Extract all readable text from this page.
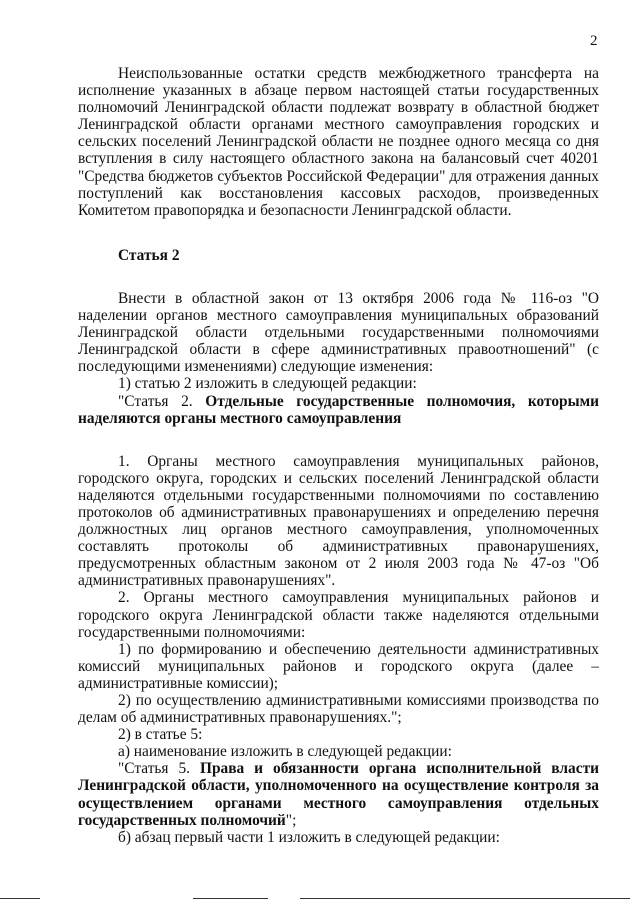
2

Неиспользованные остатки средств межбюджетного трансферта на исполнение указанных в абзаце первом настоящей статьи государственных полномочий Ленинградской области подлежат возврату в областной бюджет Ленинградской области органами местного самоуправления городских и сельских поселений Ленинградской области не позднее одного месяца со дня вступления в силу настоящего областного закона на балансовый счет 40201 "Средства бюджетов субъектов Российской Федерации" для отражения данных поступлений как восстановления кассовых расходов, произведенных Комитетом правопорядка и безопасности Ленинградской области.

Статья 2

Внести в областной закон от 13 октября 2006 года № 116-оз "О наделении органов местного самоуправления муниципальных образований Ленинградской области отдельными государственными полномочиями Ленинградской области в сфере административных правоотношений" (с последующими изменениями) следующие изменения:

1) статью 2 изложить в следующей редакции:

"Статья 2. Отдельные государственные полномочия, которыми наделяются органы местного самоуправления

1. Органы местного самоуправления муниципальных районов, городского округа, городских и сельских поселений Ленинградской области наделяются отдельными государственными полномочиями по составлению протоколов об административных правонарушениях и определению перечня должностных лиц органов местного самоуправления, уполномоченных составлять протоколы об административных правонарушениях, предусмотренных областным законом от 2 июля 2003 года № 47-оз "Об административных правонарушениях".

2. Органы местного самоуправления муниципальных районов и городского округа Ленинградской области также наделяются отдельными государственными полномочиями:

1) по формированию и обеспечению деятельности административных комиссий муниципальных районов и городского округа (далее – административные комиссии);

2) по осуществлению административными комиссиями производства по делам об административных правонарушениях.";

2) в статье 5:

а) наименование изложить в следующей редакции:

"Статья 5. Права и обязанности органа исполнительной власти Ленинградской области, уполномоченного на осуществление контроля за осуществлением органами местного самоуправления отдельных государственных полномочий";

б) абзац первый части 1 изложить в следующей редакции:
